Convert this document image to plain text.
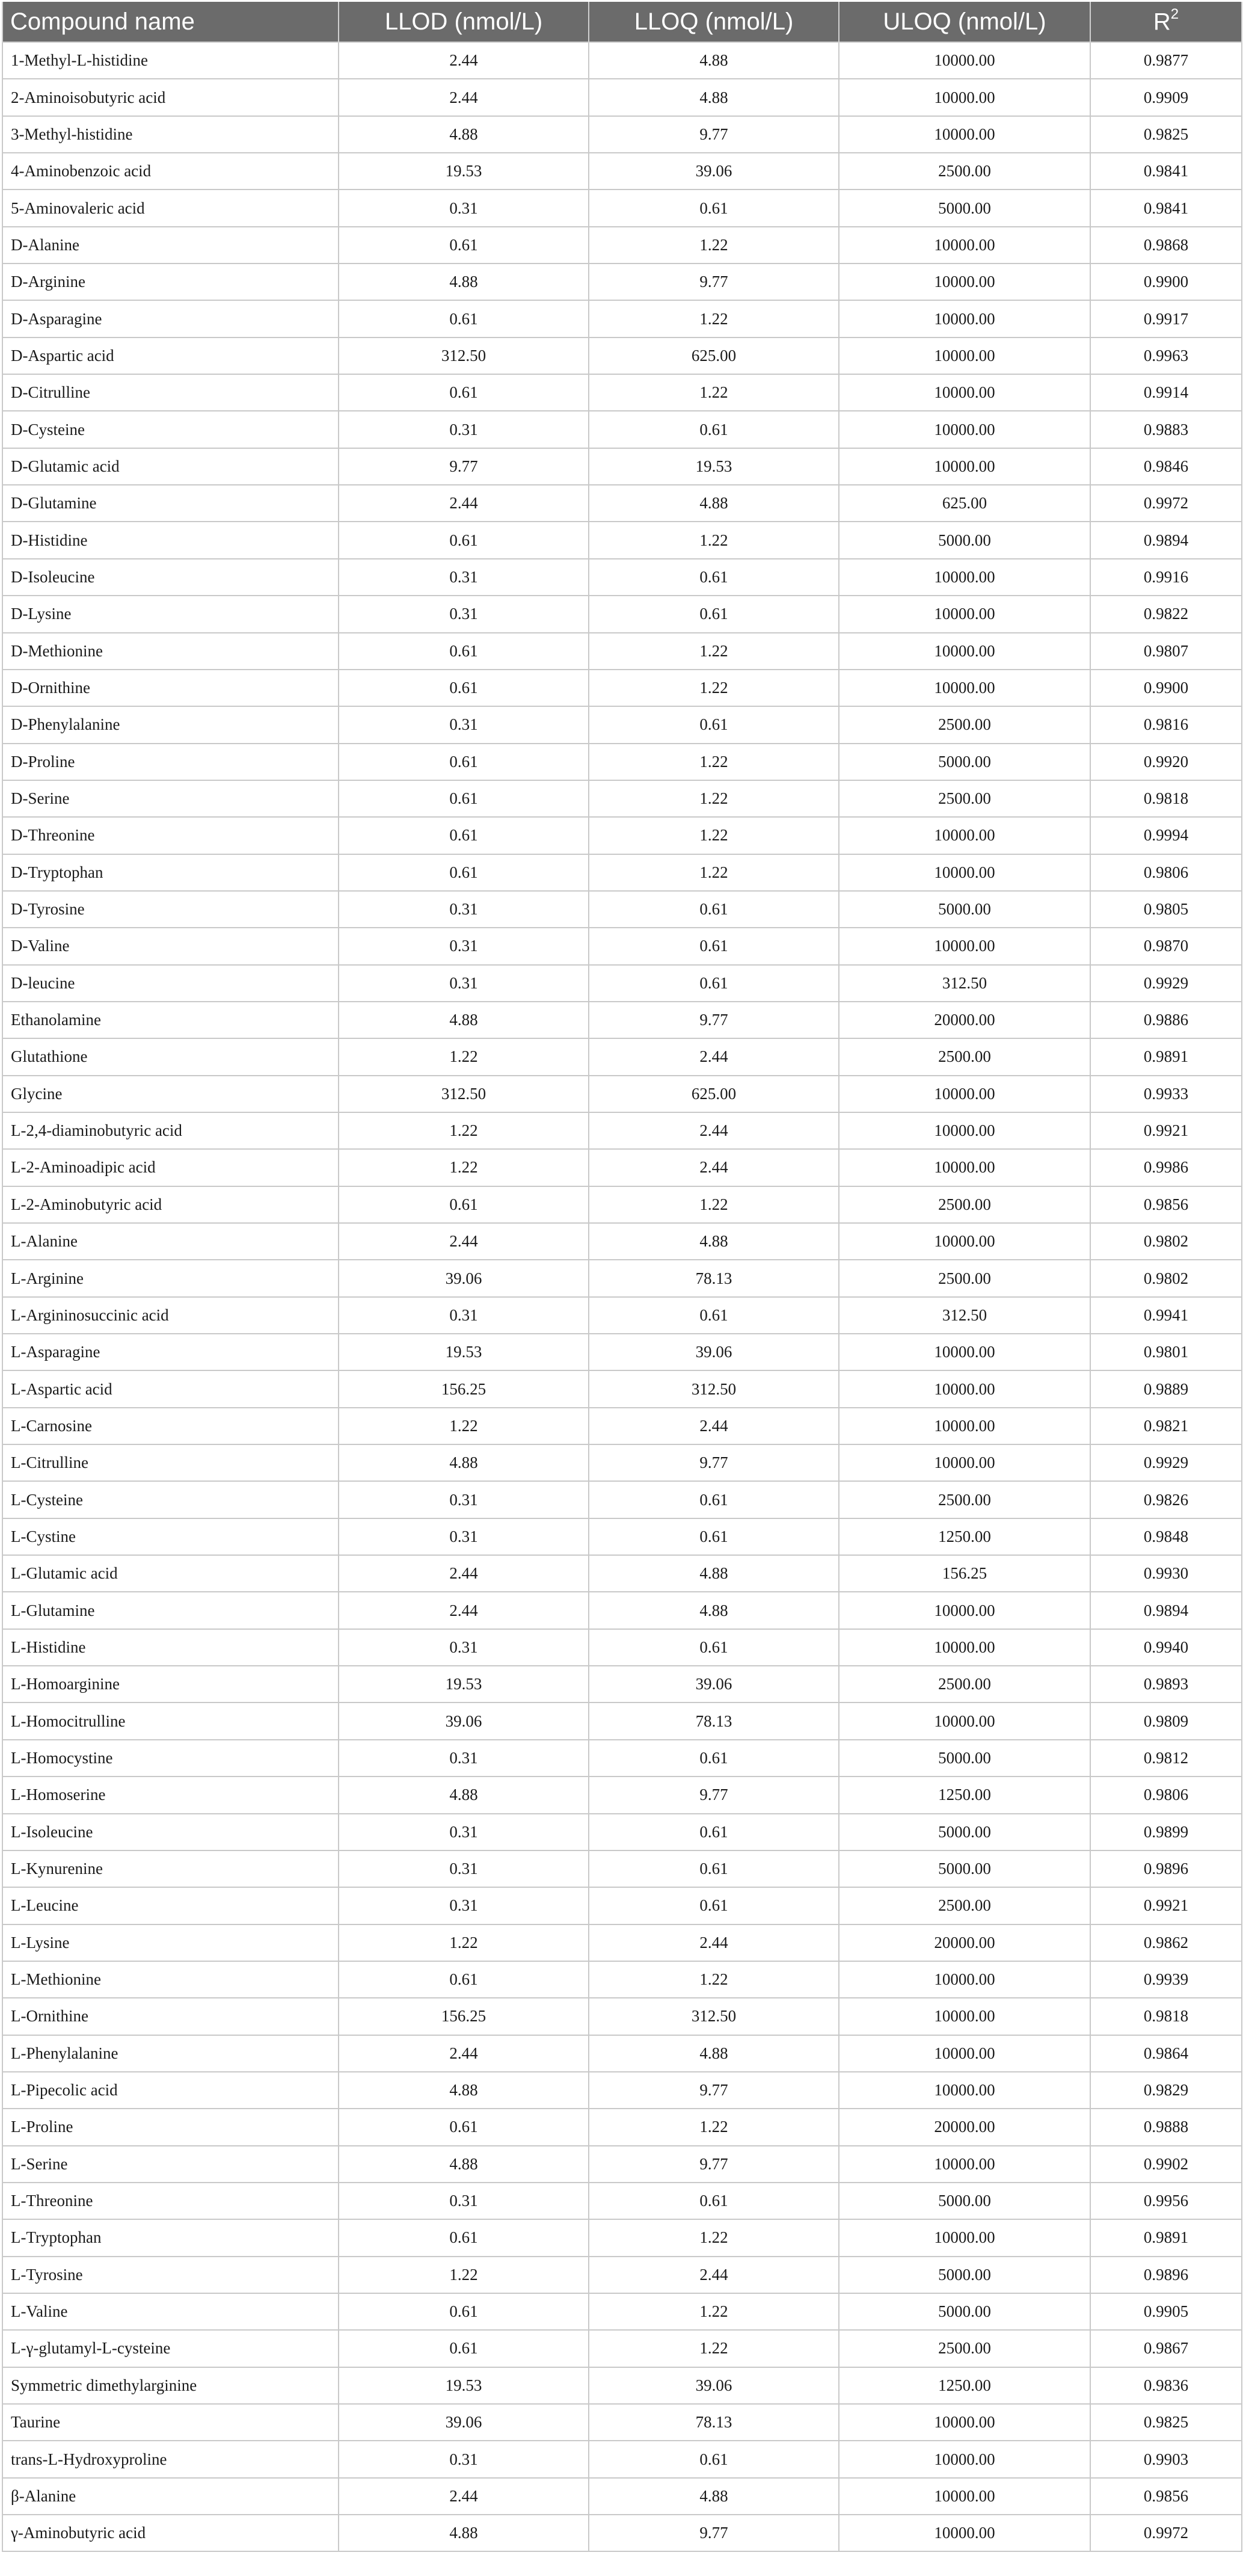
Compound name	LLOD (nmol/L)	LLOQ (nmol/L)	ULOQ (nmol/L)	$R^2$
1-Methyl-L-histidine	2.44	4.88	10000.00	0.9877
2-Aminoisobutyric acid	2.44	4.88	10000.00	0.9909
3-Methyl-histidine	4.88	9.77	10000.00	0.9825
4-Aminobenzoic acid	19.53	39.06	2500.00	0.9841
5-Aminovaleric acid	0.31	0.61	5000.00	0.9841
D-Alanine	0.61	1.22	10000.00	0.9868
D-Arginine	4.88	9.77	10000.00	0.9900
D-Asparagine	0.61	1.22	10000.00	0.9917
D-Aspartic acid	312.50	625.00	10000.00	0.9963
D-Citrulline	0.61	1.22	10000.00	0.9914
D-Cysteine	0.31	0.61	10000.00	0.9883
D-Glutamic acid	9.77	19.53	10000.00	0.9846
D-Glutamine	2.44	4.88	625.00	0.9972
D-Histidine	0.61	1.22	5000.00	0.9894
D-Isoleucine	0.31	0.61	10000.00	0.9916
D-Lysine	0.31	0.61	10000.00	0.9822
D-Methionine	0.61	1.22	10000.00	0.9807
D-Ornithine	0.61	1.22	10000.00	0.9900
D-Phenylalanine	0.31	0.61	2500.00	0.9816
D-Proline	0.61	1.22	5000.00	0.9920
D-Serine	0.61	1.22	2500.00	0.9818
D-Threonine	0.61	1.22	10000.00	0.9994
D-Tryptophan	0.61	1.22	10000.00	0.9806
D-Tyrosine	0.31	0.61	5000.00	0.9805
D-Valine	0.31	0.61	10000.00	0.9870
D-leucine	0.31	0.61	312.50	0.9929
Ethanolamine	4.88	9.77	20000.00	0.9886
Glutathione	1.22	2.44	2500.00	0.9891
Glycine	312.50	625.00	10000.00	0.9933
L-2,4-diaminobutyric acid	1.22	2.44	10000.00	0.9921
L-2-Aminoadipic acid	1.22	2.44	10000.00	0.9986
L-2-Aminobutyric acid	0.61	1.22	2500.00	0.9856
L-Alanine	2.44	4.88	10000.00	0.9802
L-Arginine	39.06	78.13	2500.00	0.9802
L-Argininosuccinic acid	0.31	0.61	312.50	0.9941
L-Asparagine	19.53	39.06	10000.00	0.9801
L-Aspartic acid	156.25	312.50	10000.00	0.9889
L-Carnosine	1.22	2.44	10000.00	0.9821
L-Citrulline	4.88	9.77	10000.00	0.9929
L-Cysteine	0.31	0.61	2500.00	0.9826
L-Cystine	0.31	0.61	1250.00	0.9848
L-Glutamic acid	2.44	4.88	156.25	0.9930
L-Glutamine	2.44	4.88	10000.00	0.9894
L-Histidine	0.31	0.61	10000.00	0.9940
L-Homoarginine	19.53	39.06	2500.00	0.9893
L-Homocitrulline	39.06	78.13	10000.00	0.9809
L-Homocystine	0.31	0.61	5000.00	0.9812
L-Homoserine	4.88	9.77	1250.00	0.9806
L-Isoleucine	0.31	0.61	5000.00	0.9899
L-Kynurenine	0.31	0.61	5000.00	0.9896
L-Leucine	0.31	0.61	2500.00	0.9921
L-Lysine	1.22	2.44	20000.00	0.9862
L-Methionine	0.61	1.22	10000.00	0.9939
L-Ornithine	156.25	312.50	10000.00	0.9818
L-Phenylalanine	2.44	4.88	10000.00	0.9864
L-Pipecolic acid	4.88	9.77	10000.00	0.9829
L-Proline	0.61	1.22	20000.00	0.9888
L-Serine	4.88	9.77	10000.00	0.9902
L-Threonine	0.31	0.61	5000.00	0.9956
L-Tryptophan	0.61	1.22	10000.00	0.9891
L-Tyrosine	1.22	2.44	5000.00	0.9896
L-Valine	0.61	1.22	5000.00	0.9905
L-γ-glutamyl-L-cysteine	0.61	1.22	2500.00	0.9867
Symmetric dimethylarginine	19.53	39.06	1250.00	0.9836
Taurine	39.06	78.13	10000.00	0.9825
trans-L-Hydroxyproline	0.31	0.61	10000.00	0.9903
β-Alanine	2.44	4.88	10000.00	0.9856
γ-Aminobutyric acid	4.88	9.77	10000.00	0.9972
